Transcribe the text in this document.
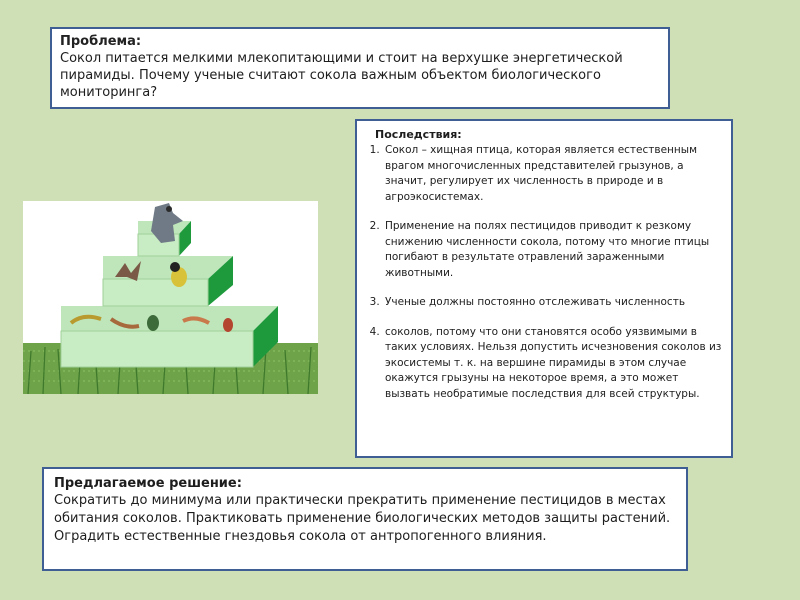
Проблема:

Сокол питается мелкими млекопитающими и стоит на верхушке энергетической пирамиды. Почему ученые считают сокола важным объектом биологического мониторинга?

Последствия:
1. Сокол – хищная птица, которая является естественным врагом многочисленных представителей грызунов, а значит, регулирует их численность в природе и в агроэкосистемах.
2. Применение на полях пестицидов приводит к резкому снижению численности сокола, потому что многие птицы погибают в результате отравлений зараженными животными.
3. Ученые должны постоянно отслеживать численность
4. соколов, потому что они становятся особо уязвимыми в таких условиях. Нельзя допустить исчезновения соколов из экосистемы т. к. на вершине пирамиды в этом случае окажутся грызуны на некоторое время, а это может вызвать необратимые последствия для всей структуры.
Предлагаемое решение:

Сократить до минимума или практически прекратить применение пестицидов в местах обитания соколов. Практиковать применение биологических методов защиты растений. Оградить естественные гнездовья сокола от антропогенного влияния.
